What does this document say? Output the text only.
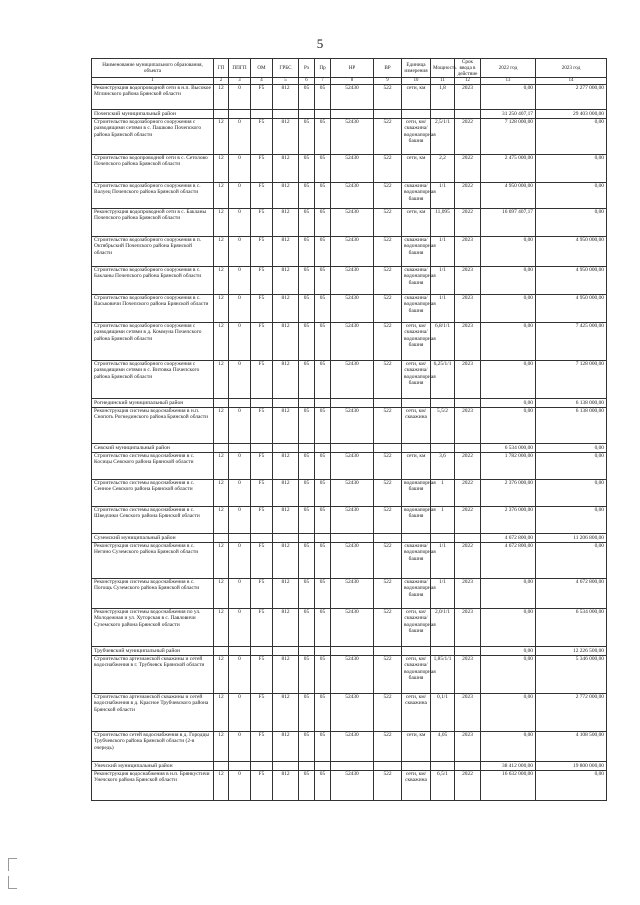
5
Наименование муниципального образования, объекта	ГП	ППГП	ОМ	ГРБС	Рз	Пр	НР	ВР	Единица измерения	Мощность	Срок ввода в действие	2022 год	2023 год
1	2	3	4	5	6	7	8	9	10	11	12	13	14
Реконструкция водопроводной сети в н.п. Высокое Мглинского района Брянской области	12	0	F5	812	05	05	52430	522	сети, км	1,8	2023	0,00	2 277 000,00
Почепский муниципальный район												31 250 407,17	29 403 000,00
Строительство водозаборного сооружения с разводящими сетями в с. Пашково Почепского района Брянской области	12	0	F5	812	05	05	52430	522	сети, км/ скважина/ водонапорная башня	2,5/1/1	2022	7 128 000,00	0,00
Строительство водопроводной сети в с. Сетолово Почепского района Брянской области	12	0	F5	812	05	05	52430	522	сети, км	2,2	2022	2 475 000,00	0,00
Строительство водозаборного сооружения в с. Валуец Почепского района Брянской области	12	0	F5	812	05	05	52430	522	скважина/ водонапорная башня	1/1	2022	4 950 000,00	0,00
Реконструкция водопроводной сети в с. Бакланы Почепского района Брянской области	12	0	F5	812	05	05	52430	522	сети, км	11,095	2022	16 697 407,17	0,00
Строительство водозаборного сооружения в п. Октябрьский Почепского района Брянской области	12	0	F5	812	05	05	52430	522	скважина/ водонапорная башня	1/1	2023	0,00	4 950 000,00
Строительство водозаборного сооружения в с. Бакланы Почепского района Брянской области	12	0	F5	812	05	05	52430	522	скважина/ водонапорная башня	1/1	2023	0,00	4 950 000,00
Строительство водозаборного сооружения в с. Васьковичи Почепского района Брянской области	12	0	F5	812	05	05	52430	522	скважина/ водонапорная башня	1/1	2023	0,00	4 950 000,00
Строительство водозаборного сооружения с разводящими сетями в д. Коммуна Почепского района Брянской области	12	0	F5	812	05	05	52430	522	сети, км/ скважина/ водонапорная башня	6,8/1/1	2023	0,00	7 425 000,00
Строительство водозаборного сооружения с разводящими сетями в с. Витовка Почепского района Брянской области	12	0	F5	812	05	05	52430	522	сети, км/ скважина/ водонапорная башня	6,25/1/1	2023	0,00	7 128 000,00
Рогнединский муниципальный район												0,00	6 138 000,00
Реконструкция системы водоснабжения в н.п. Снопоть Рогнединского района Брянской области	12	0	F5	812	05	05	52430	522	сети, км/ скважина	5,5/2	2023	0,00	6 138 000,00
Севский муниципальный район												6 534 000,00	0,00
Строительство системы водоснабжения в с. Косицы Севского района Брянской области	12	0	F5	812	05	05	52430	522	сети, км	3,6	2022	1 782 000,00	0,00
Строительство системы водоснабжения в с. Сенное Севского района Брянской области	12	0	F5	812	05	05	52430	522	водонапорная башня	1	2022	2 376 000,00	0,00
Строительство системы водоснабжения в с. Шведчики Севского района Брянской области	12	0	F5	812	05	05	52430	522	водонапорная башня	1	2022	2 376 000,00	0,00
Суземский муниципальный район												4 672 800,00	11 206 800,00
Реконструкция системы водоснабжения в с. Негино Суземского района Брянской области	12	0	F5	812	05	05	52430	522	скважина/ водонапорная башня	1/1	2022	4 672 800,00	0,00
Реконструкция системы водоснабжения в с. Погощь Суземского района Брянской области	12	0	F5	812	05	05	52430	522	скважина/ водонапорная башня	1/1	2023	0,00	4 672 800,00
Реконструкция системы водоснабжения по ул. Молодежная и ул. Хуторская в с. Павловичи Суземского района Брянской области	12	0	F5	812	05	05	52430	522	сети, км/ скважина/ водонапорная башня	2,0/1/1	2023	0,00	6 534 000,00
Трубчевский муниципальный район												0,00	12 226 500,00
Строительство артезианской скважины и сетей водоснабжения в г. Трубчевск Брянской области	12	0	F5	812	05	05	52430	522	сети, км/ скважина/ водонапорная башня	1,85/1/1	2023	0,00	5 346 000,00
Строительство артезианской скважины и сетей водоснабжения в д. Красное Трубчевского района Брянской области	12	0	F5	812	05	05	52430	522	сети, км/ скважина	0,1/1	2023	0,00	2 772 000,00
Строительство сетей водоснабжения в д. Городцы Трубчевского района Брянской области (2-я очередь)	12	0	F5	812	05	05	52430	522	сети, км	4,05	2023	0,00	4 108 500,00
Унечский муниципальный район												38 412 000,00	19 800 000,00
Реконструкция водоснабжения в н.п. Брянкустичи Унечского района Брянской области	12	0	F5	812	05	05	52430	522	сети, км/ скважина	6,5/1	2022	16 632 000,00	0,00
